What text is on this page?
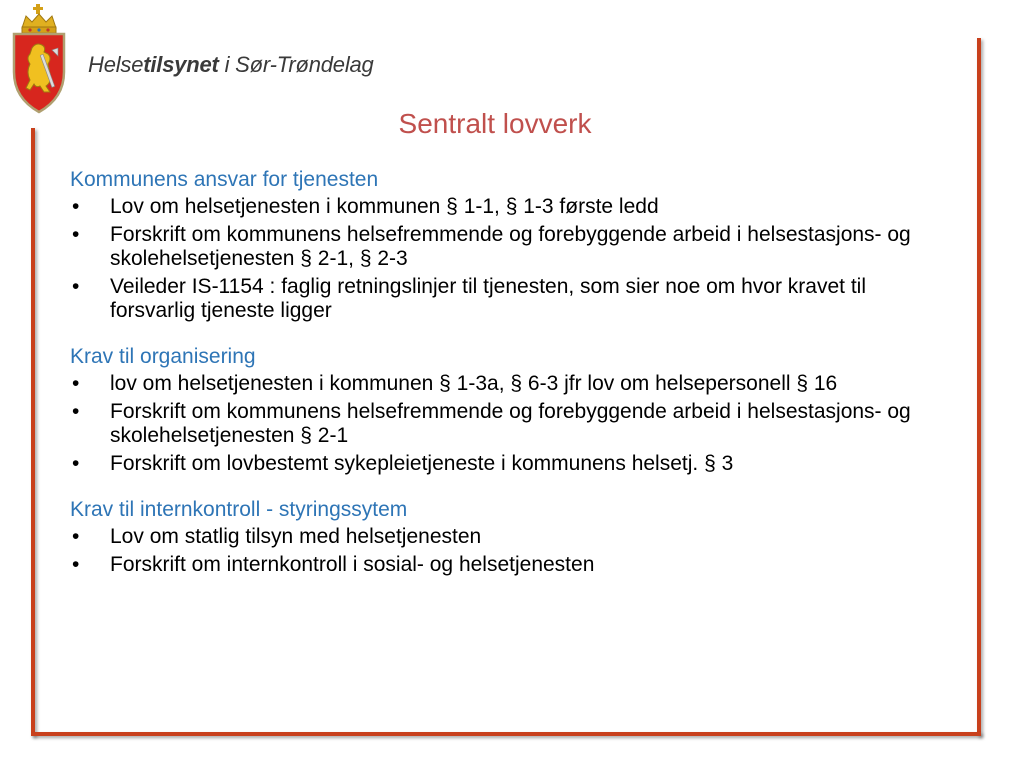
Helsetilsynet i Sør-Trøndelag
Sentralt lovverk
Kommunens ansvar for tjenesten
• Lov om helsetjenesten i kommunen § 1-1, § 1-3 første ledd
• Forskrift om kommunens helsefremmende og forebyggende arbeid i helsestasjons- og skolehelsetjenesten § 2-1, § 2-3
• Veileder IS-1154 : faglig retningslinjer til tjenesten, som sier noe om hvor kravet til forsvarlig tjeneste ligger
Krav til organisering
• lov om helsetjenesten i kommunen § 1-3a, § 6-3 jfr lov om helsepersonell § 16
• Forskrift om kommunens helsefremmende og forebyggende arbeid i helsestasjons- og skolehelsetjenesten § 2-1
• Forskrift om lovbestemt sykepleietjeneste i kommunens helsetj. § 3
Krav til internkontroll - styringssytem
• Lov om statlig tilsyn med helsetjenesten
• Forskrift om internkontroll i sosial- og helsetjenesten
